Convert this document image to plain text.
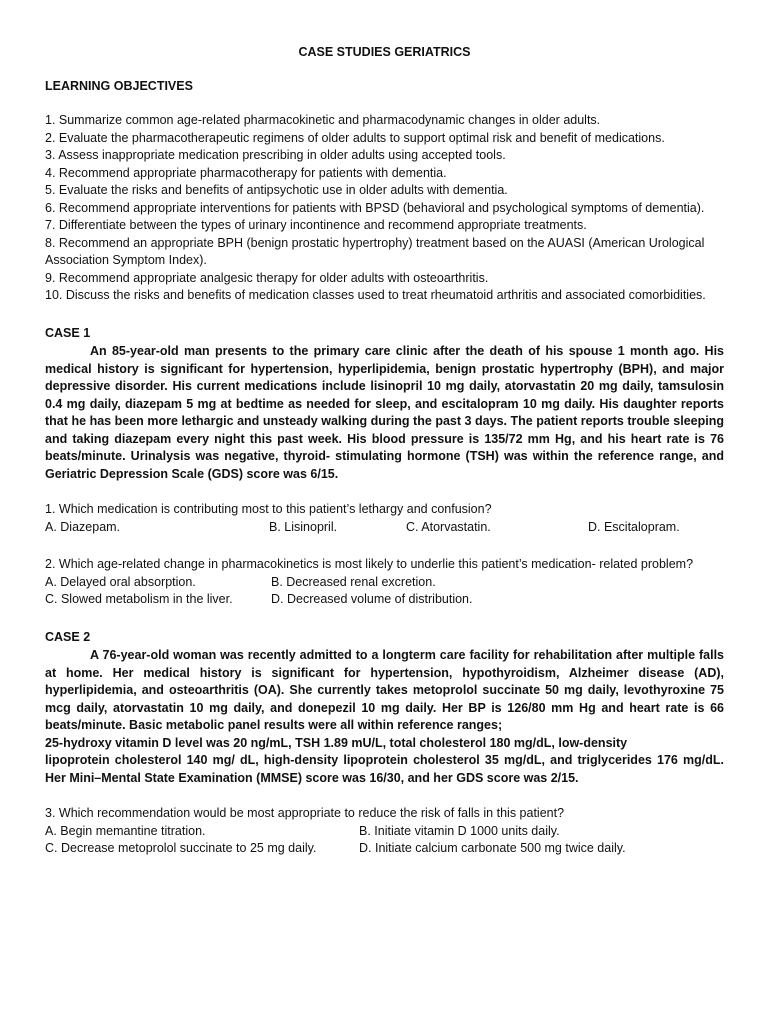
CASE STUDIES GERIATRICS
LEARNING OBJECTIVES

1. Summarize common age-related pharmacokinetic and pharmacodynamic changes in older adults.

2. Evaluate the pharmacotherapeutic regimens of older adults to support optimal risk and benefit of medications.

3. Assess inappropriate medication prescribing in older adults using accepted tools.

4. Recommend appropriate pharmacotherapy for patients with dementia.

5. Evaluate the risks and benefits of antipsychotic use in older adults with dementia.

6. Recommend appropriate interventions for patients with BPSD (behavioral and psychological symptoms of dementia).

7. Differentiate between the types of urinary incontinence and recommend appropriate treatments.

8. Recommend an appropriate BPH (benign prostatic hypertrophy) treatment based on the AUASI (American Urological Association Symptom Index).

9. Recommend appropriate analgesic therapy for older adults with osteoarthritis.

10. Discuss the risks and benefits of medication classes used to treat rheumatoid arthritis and associated comorbidities.

CASE 1
An 85-year-old man presents to the primary care clinic after the death of his spouse 1 month ago. His medical history is significant for hypertension, hyperlipidemia, benign prostatic hypertrophy (BPH), and major depressive disorder. His current medications include lisinopril 10 mg daily, atorvastatin 20 mg daily, tamsulosin 0.4 mg daily, diazepam 5 mg at bedtime as needed for sleep, and escitalopram 10 mg daily. His daughter reports that he has been more lethargic and unsteady walking during the past 3 days. The patient reports trouble sleeping and taking diazepam every night this past week. His blood pressure is 135/72 mm Hg, and his heart rate is 76 beats/minute. Urinalysis was negative, thyroid- stimulating hormone (TSH) was within the reference range, and Geriatric Depression Scale (GDS) score was 6/15.

1. Which medication is contributing most to this patient’s lethargy and confusion?

A. Diazepam.	B. Lisinopril.	C. Atorvastatin.	D. Escitalopram.

2. Which age-related change in pharmacokinetics is most likely to underlie this patient’s medication- related problem?

A. Delayed oral absorption.	B. Decreased renal excretion.
C. Slowed metabolism in the liver.	D. Decreased volume of distribution.
CASE 2
A 76-year-old woman was recently admitted to a longterm care facility for rehabilitation after multiple falls at home. Her medical history is significant for hypertension, hypothyroidism, Alzheimer disease (AD), hyperlipidemia, and osteoarthritis (OA). She currently takes metoprolol succinate 50 mg daily, levothyroxine 75 mcg daily, atorvastatin 10 mg daily, and donepezil 10 mg daily. Her BP is 126/80 mm Hg and heart rate is 66 beats/minute. Basic metabolic panel results were all within reference ranges;
25-hydroxy vitamin D level was 20 ng/mL, TSH 1.89 mU/L, total cholesterol 180 mg/dL, low-density
lipoprotein cholesterol 140 mg/ dL, high-density lipoprotein cholesterol 35 mg/dL, and triglycerides 176 mg/dL. Her Mini–Mental State Examination (MMSE) score was 16/30, and her GDS score was 2/15.

3. Which recommendation would be most appropriate to reduce the risk of falls in this patient?

A. Begin memantine titration.	B. Initiate vitamin D 1000 units daily.
C. Decrease metoprolol succinate to 25 mg daily.	D. Initiate calcium carbonate 500 mg twice daily.
